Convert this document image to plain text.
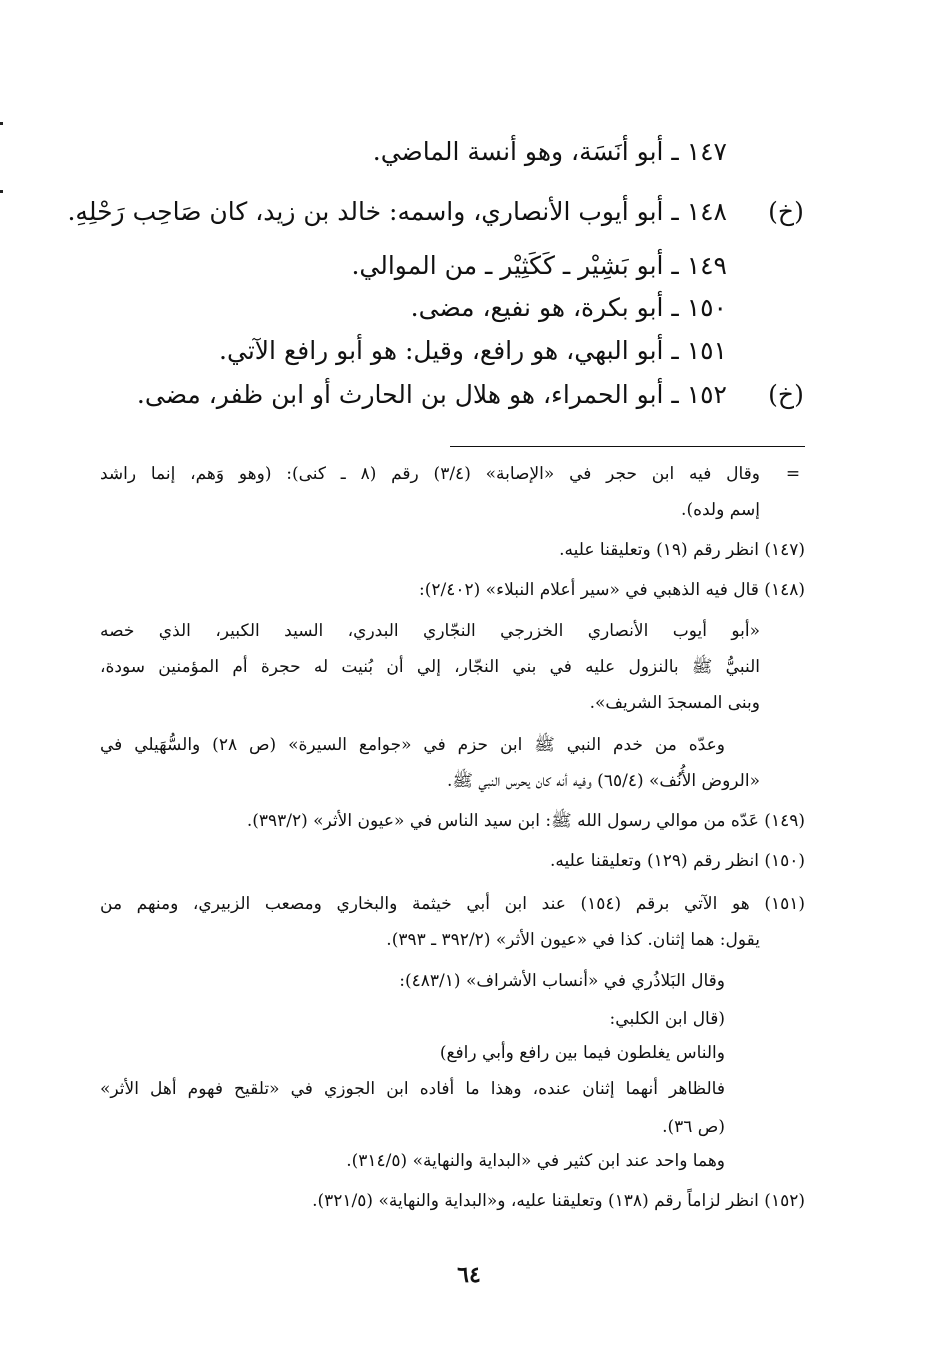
١٤٧ ـ أبو أنَسَة، وهو أنسة الماضي.
(خ)
١٤٨ ـ أبو أيوب الأنصاري، واسمه: خالد بن زيد، كان صَاحِب رَحْلِهِ.
١٤٩ ـ أبو بَشِيْر ـ كَكَثِيْر ـ من الموالي.
١٥٠ ـ أبو بكرة، هو نفيع، مضى.
١٥١ ـ أبو البهي، هو رافع، وقيل: هو أبو رافع الآتي.
(خ)
١٥٢ ـ أبو الحمراء، هو هلال بن الحارث أو ابن ظفر، مضى.
=
وقال فيه ابن حجر في «الإصابة» (٣/٤) رقم (٨ ـ كنى): (وهو وَهم، إنما راشد
إسم ولده).
(١٤٧) انظر رقم (١٩) وتعليقنا عليه.
(١٤٨) قال فيه الذهبي في «سير أعلام النبلاء» (٢/٤٠٢):
«أبو أيوب الأنصاري الخزرجي النجّاري البدري، السيد الكبير، الذي خصه
النبيُّ ﷺ بالنزول عليه في بني النجّار، إلي أن بُنيت له حجرة أم المؤمنين سودة،
وبنى المسجدَ الشريف».
وعدّه من خدم النبي ﷺ ابن حزم في «جوامع السيرة» (ص ٢٨) والسُّهَيلي في
«الروض الأُنُف» (٦٥/٤) وفيه أنه كان يحرس النبي ﷺ.
(١٤٩) عَدّه من موالي رسول الله ﷺ: ابن سيد الناس في «عيون الأثر» (٣٩٣/٢).
(١٥٠) انظر رقم (١٢٩) وتعليقنا عليه.
(١٥١) هو الآتي برقم (١٥٤) عند ابن أبي خيثمة والبخاري ومصعب الزبيري، ومنهم من
يقول: هما إثنان. كذا في «عيون الأثر» (٣٩٢/٢ ـ ٣٩٣).
وقال البَلاذُري في «أنساب الأشراف» (٤٨٣/١):
(قال ابن الكلبي:
والناس يغلطون فيما بين رافع وأبي رافع)
فالظاهر أنهما إثنان عنده، وهذا ما أفاده ابن الجوزي في «تلقيح فهوم أهل الأثر»
(ص ٣٦).
وهما واحد عند ابن كثير في «البداية والنهاية» (٣١٤/٥).
(١٥٢) انظر لزاماً رقم (١٣٨) وتعليقنا عليه، و«البداية والنهاية» (٣٢١/٥).
٦٤
